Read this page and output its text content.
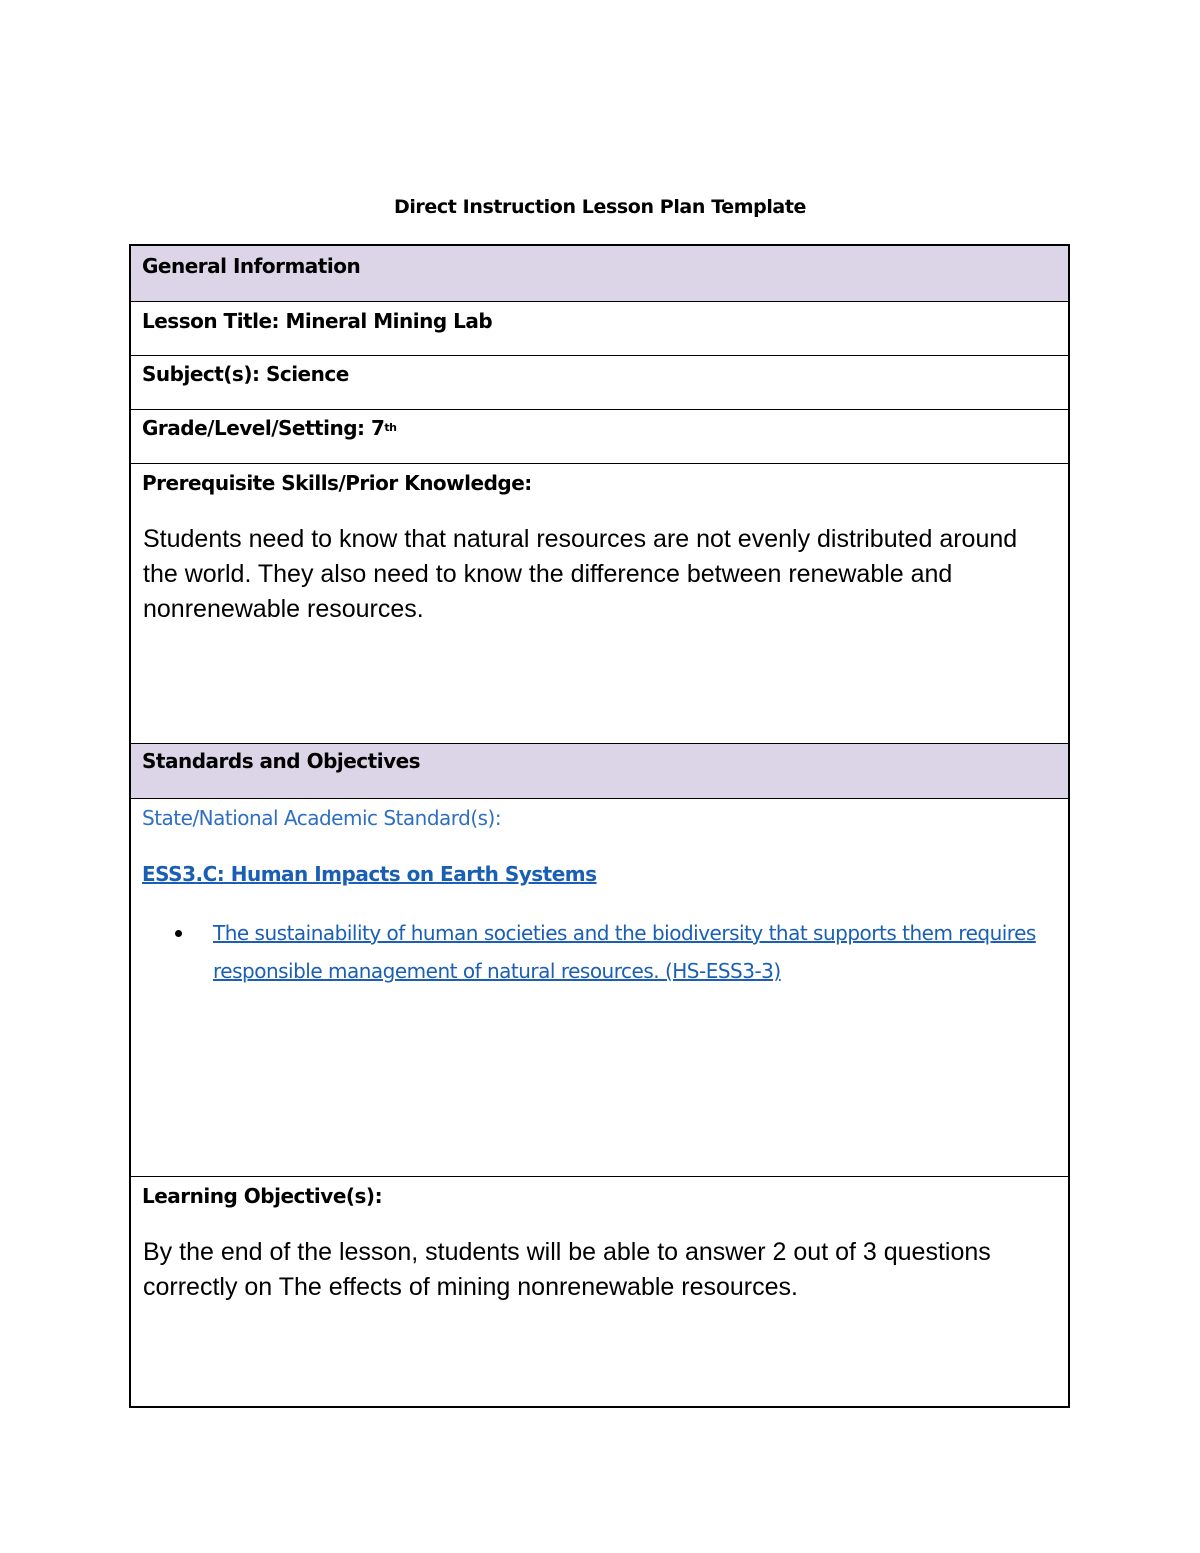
Direct Instruction Lesson Plan Template
General Information
Lesson Title: Mineral Mining Lab
Subject(s): Science
Grade/Level/Setting: 7th
Prerequisite Skills/Prior Knowledge:
Students need to know that natural resources are not evenly distributed around the world. They also need to know the difference between renewable and nonrenewable resources.
Standards and Objectives
State/National Academic Standard(s):
ESS3.C: Human Impacts on Earth Systems
The sustainability of human societies and the biodiversity that supports them requires responsible management of natural resources. (HS-ESS3-3)
Learning Objective(s):
By the end of the lesson, students will be able to answer 2 out of 3 questions correctly on The effects of mining nonrenewable resources.
